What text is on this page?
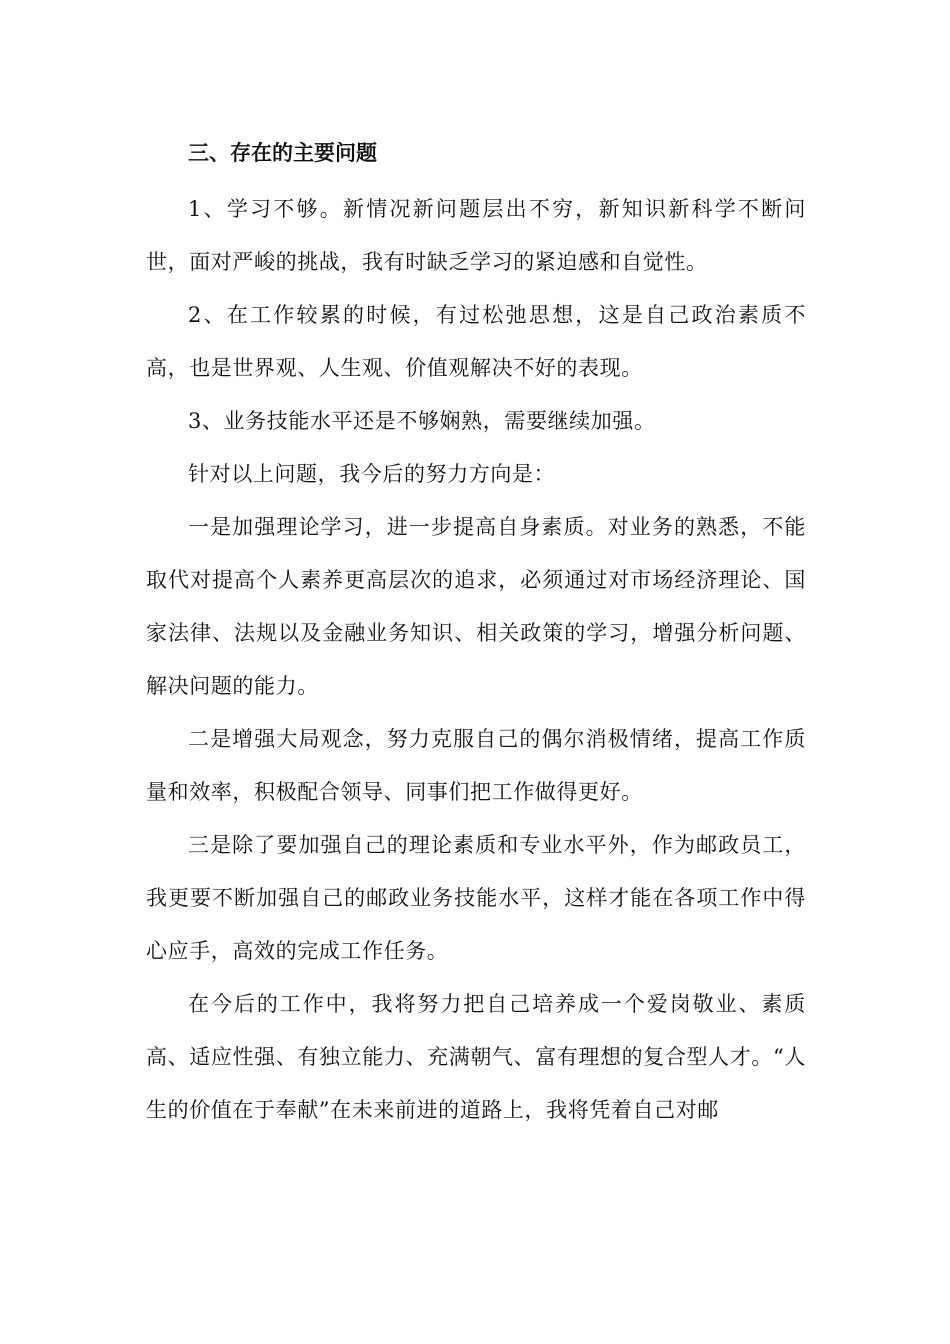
三、存在的主要问题

1、学习不够。新情况新问题层出不穷，新知识新科学不断问世，面对严峻的挑战，我有时缺乏学习的紧迫感和自觉性。

2、在工作较累的时候，有过松弛思想，这是自己政治素质不高，也是世界观、人生观、价值观解决不好的表现。

3、业务技能水平还是不够娴熟，需要继续加强。

针对以上问题，我今后的努力方向是：

一是加强理论学习，进一步提高自身素质。对业务的熟悉，不能取代对提高个人素养更高层次的追求，必须通过对市场经济理论、国家法律、法规以及金融业务知识、相关政策的学习，增强分析问题、解决问题的能力。

二是增强大局观念，努力克服自己的偶尔消极情绪，提高工作质量和效率，积极配合领导、同事们把工作做得更好。

三是除了要加强自己的理论素质和专业水平外，作为邮政员工，我更要不断加强自己的邮政业务技能水平，这样才能在各项工作中得心应手，高效的完成工作任务。

在今后的工作中，我将努力把自己培养成一个爱岗敬业、素质高、适应性强、有独立能力、充满朝气、富有理想的复合型人才。“人生的价值在于奉献”在未来前进的道路上，我将凭着自己对邮
